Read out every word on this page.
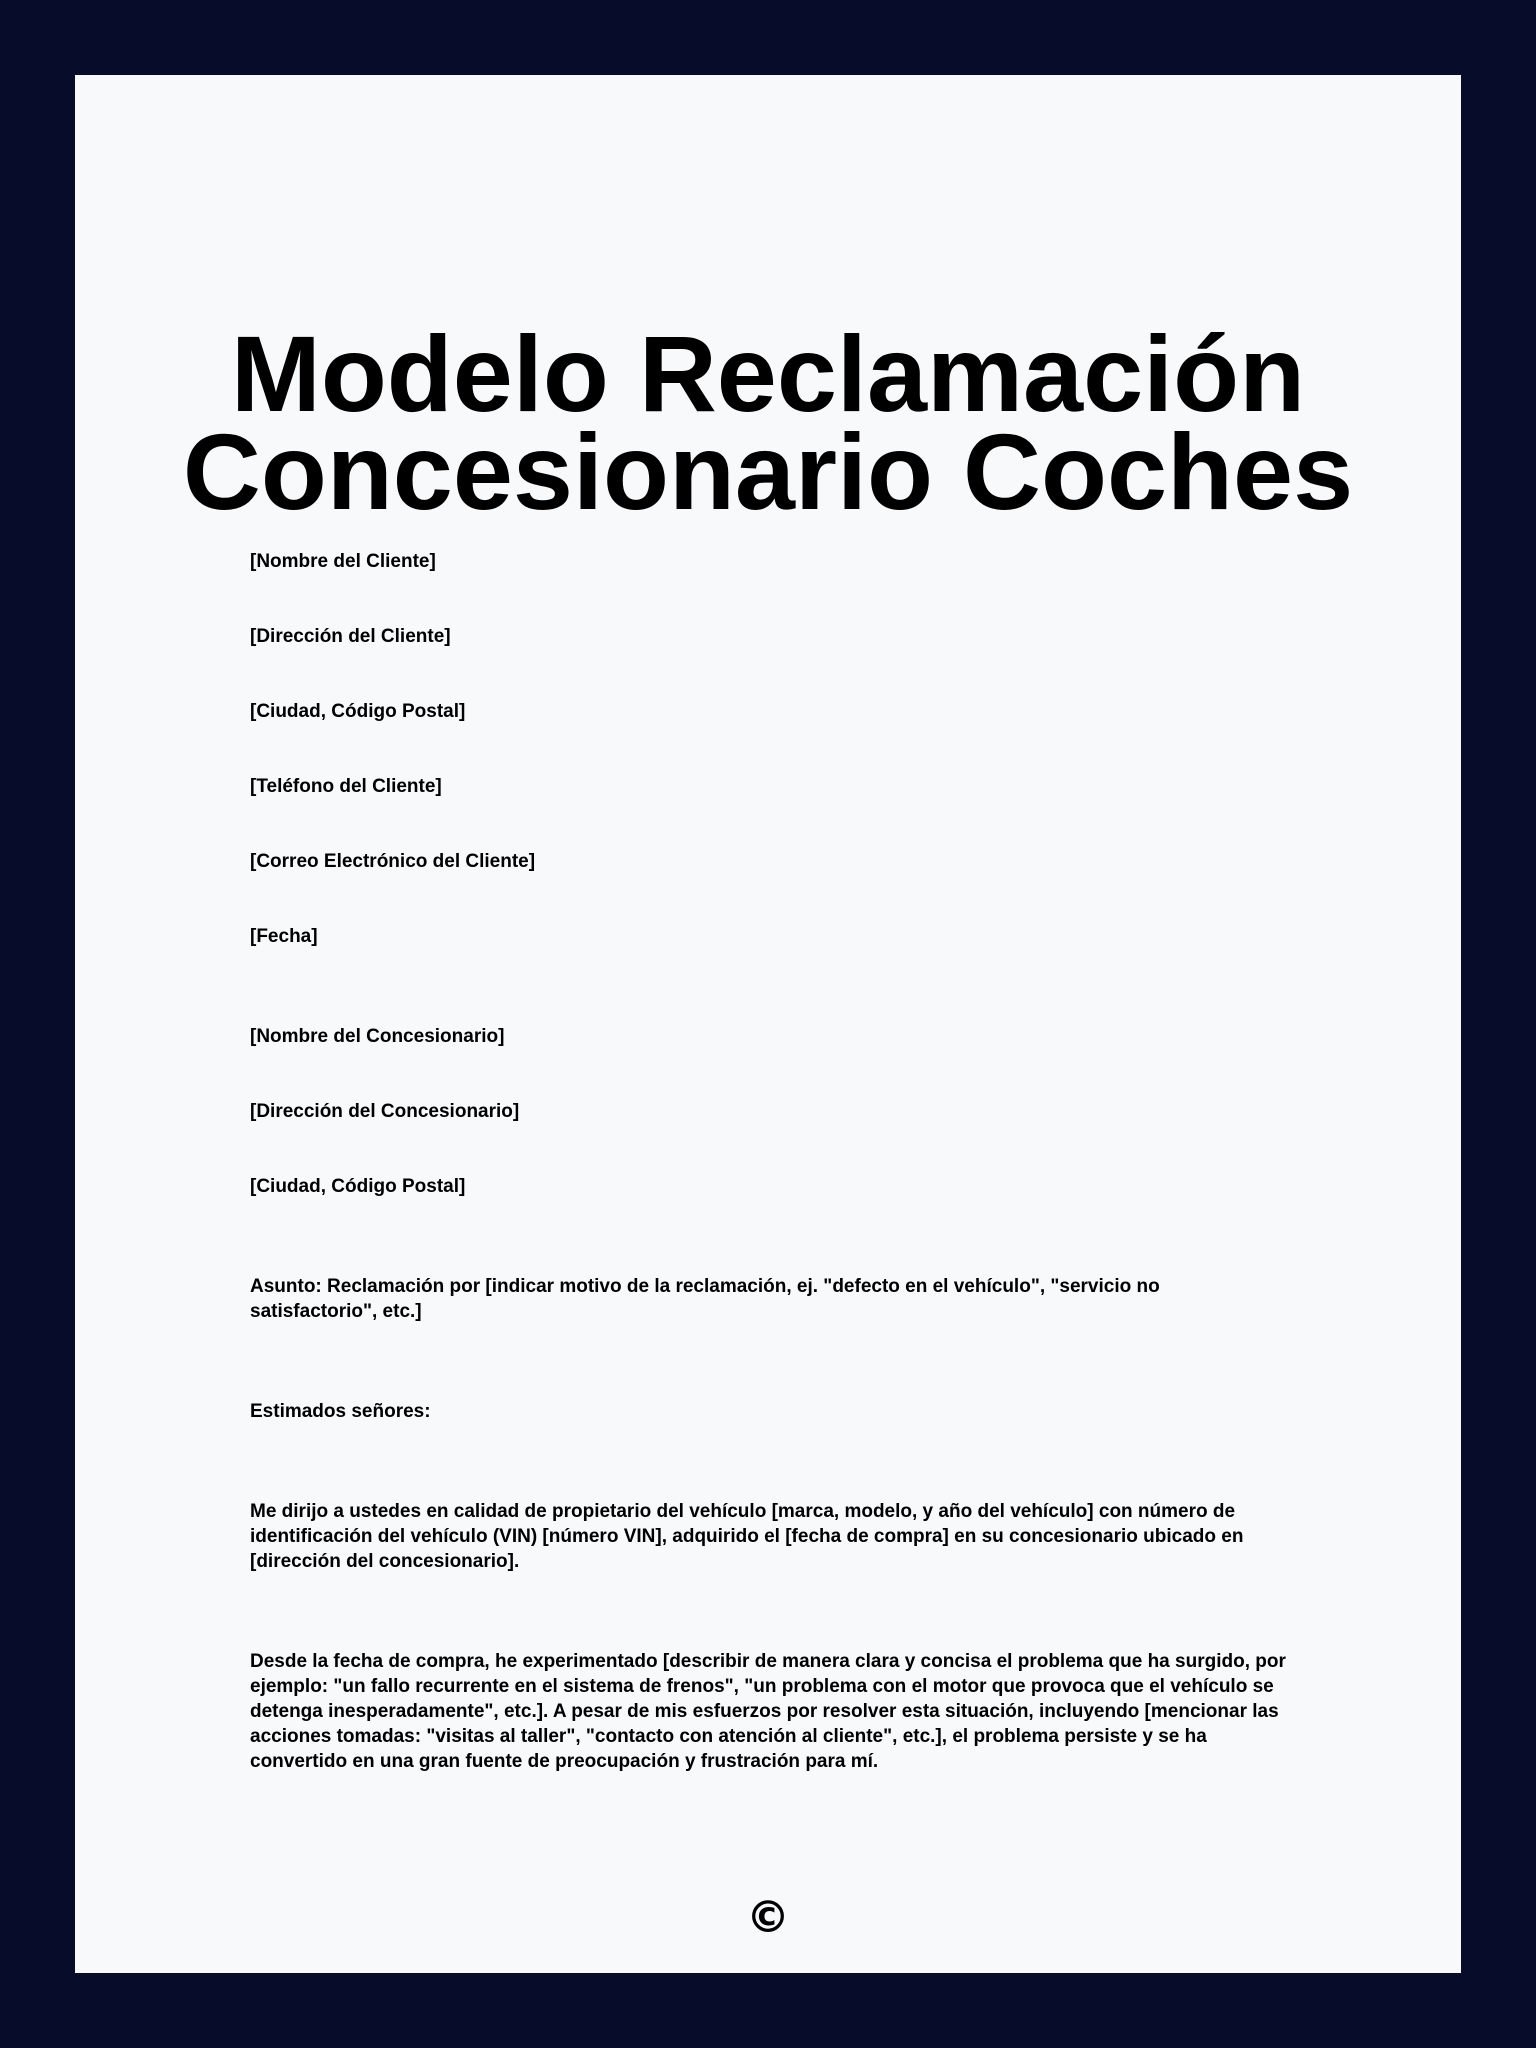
Modelo Reclamación
Concesionario Coches
[Nombre del Cliente]
[Dirección del Cliente]
[Ciudad, Código Postal]
[Teléfono del Cliente]
[Correo Electrónico del Cliente]
[Fecha]
[Nombre del Concesionario]
[Dirección del Concesionario]
[Ciudad, Código Postal]
Asunto: Reclamación por [indicar motivo de la reclamación, ej. "defecto en el vehículo", "servicio no satisfactorio", etc.]
Estimados señores:
Me dirijo a ustedes en calidad de propietario del vehículo [marca, modelo, y año del vehículo] con número de identificación del vehículo (VIN) [número VIN], adquirido el [fecha de compra] en su concesionario ubicado en [dirección del concesionario].
Desde la fecha de compra, he experimentado [describir de manera clara y concisa el problema que ha surgido, por ejemplo: "un fallo recurrente en el sistema de frenos", "un problema con el motor que provoca que el vehículo se detenga inesperadamente", etc.]. A pesar de mis esfuerzos por resolver esta situación, incluyendo [mencionar las acciones tomadas: "visitas al taller", "contacto con atención al cliente", etc.], el problema persiste y se ha convertido en una gran fuente de preocupación y frustración para mí.
©
